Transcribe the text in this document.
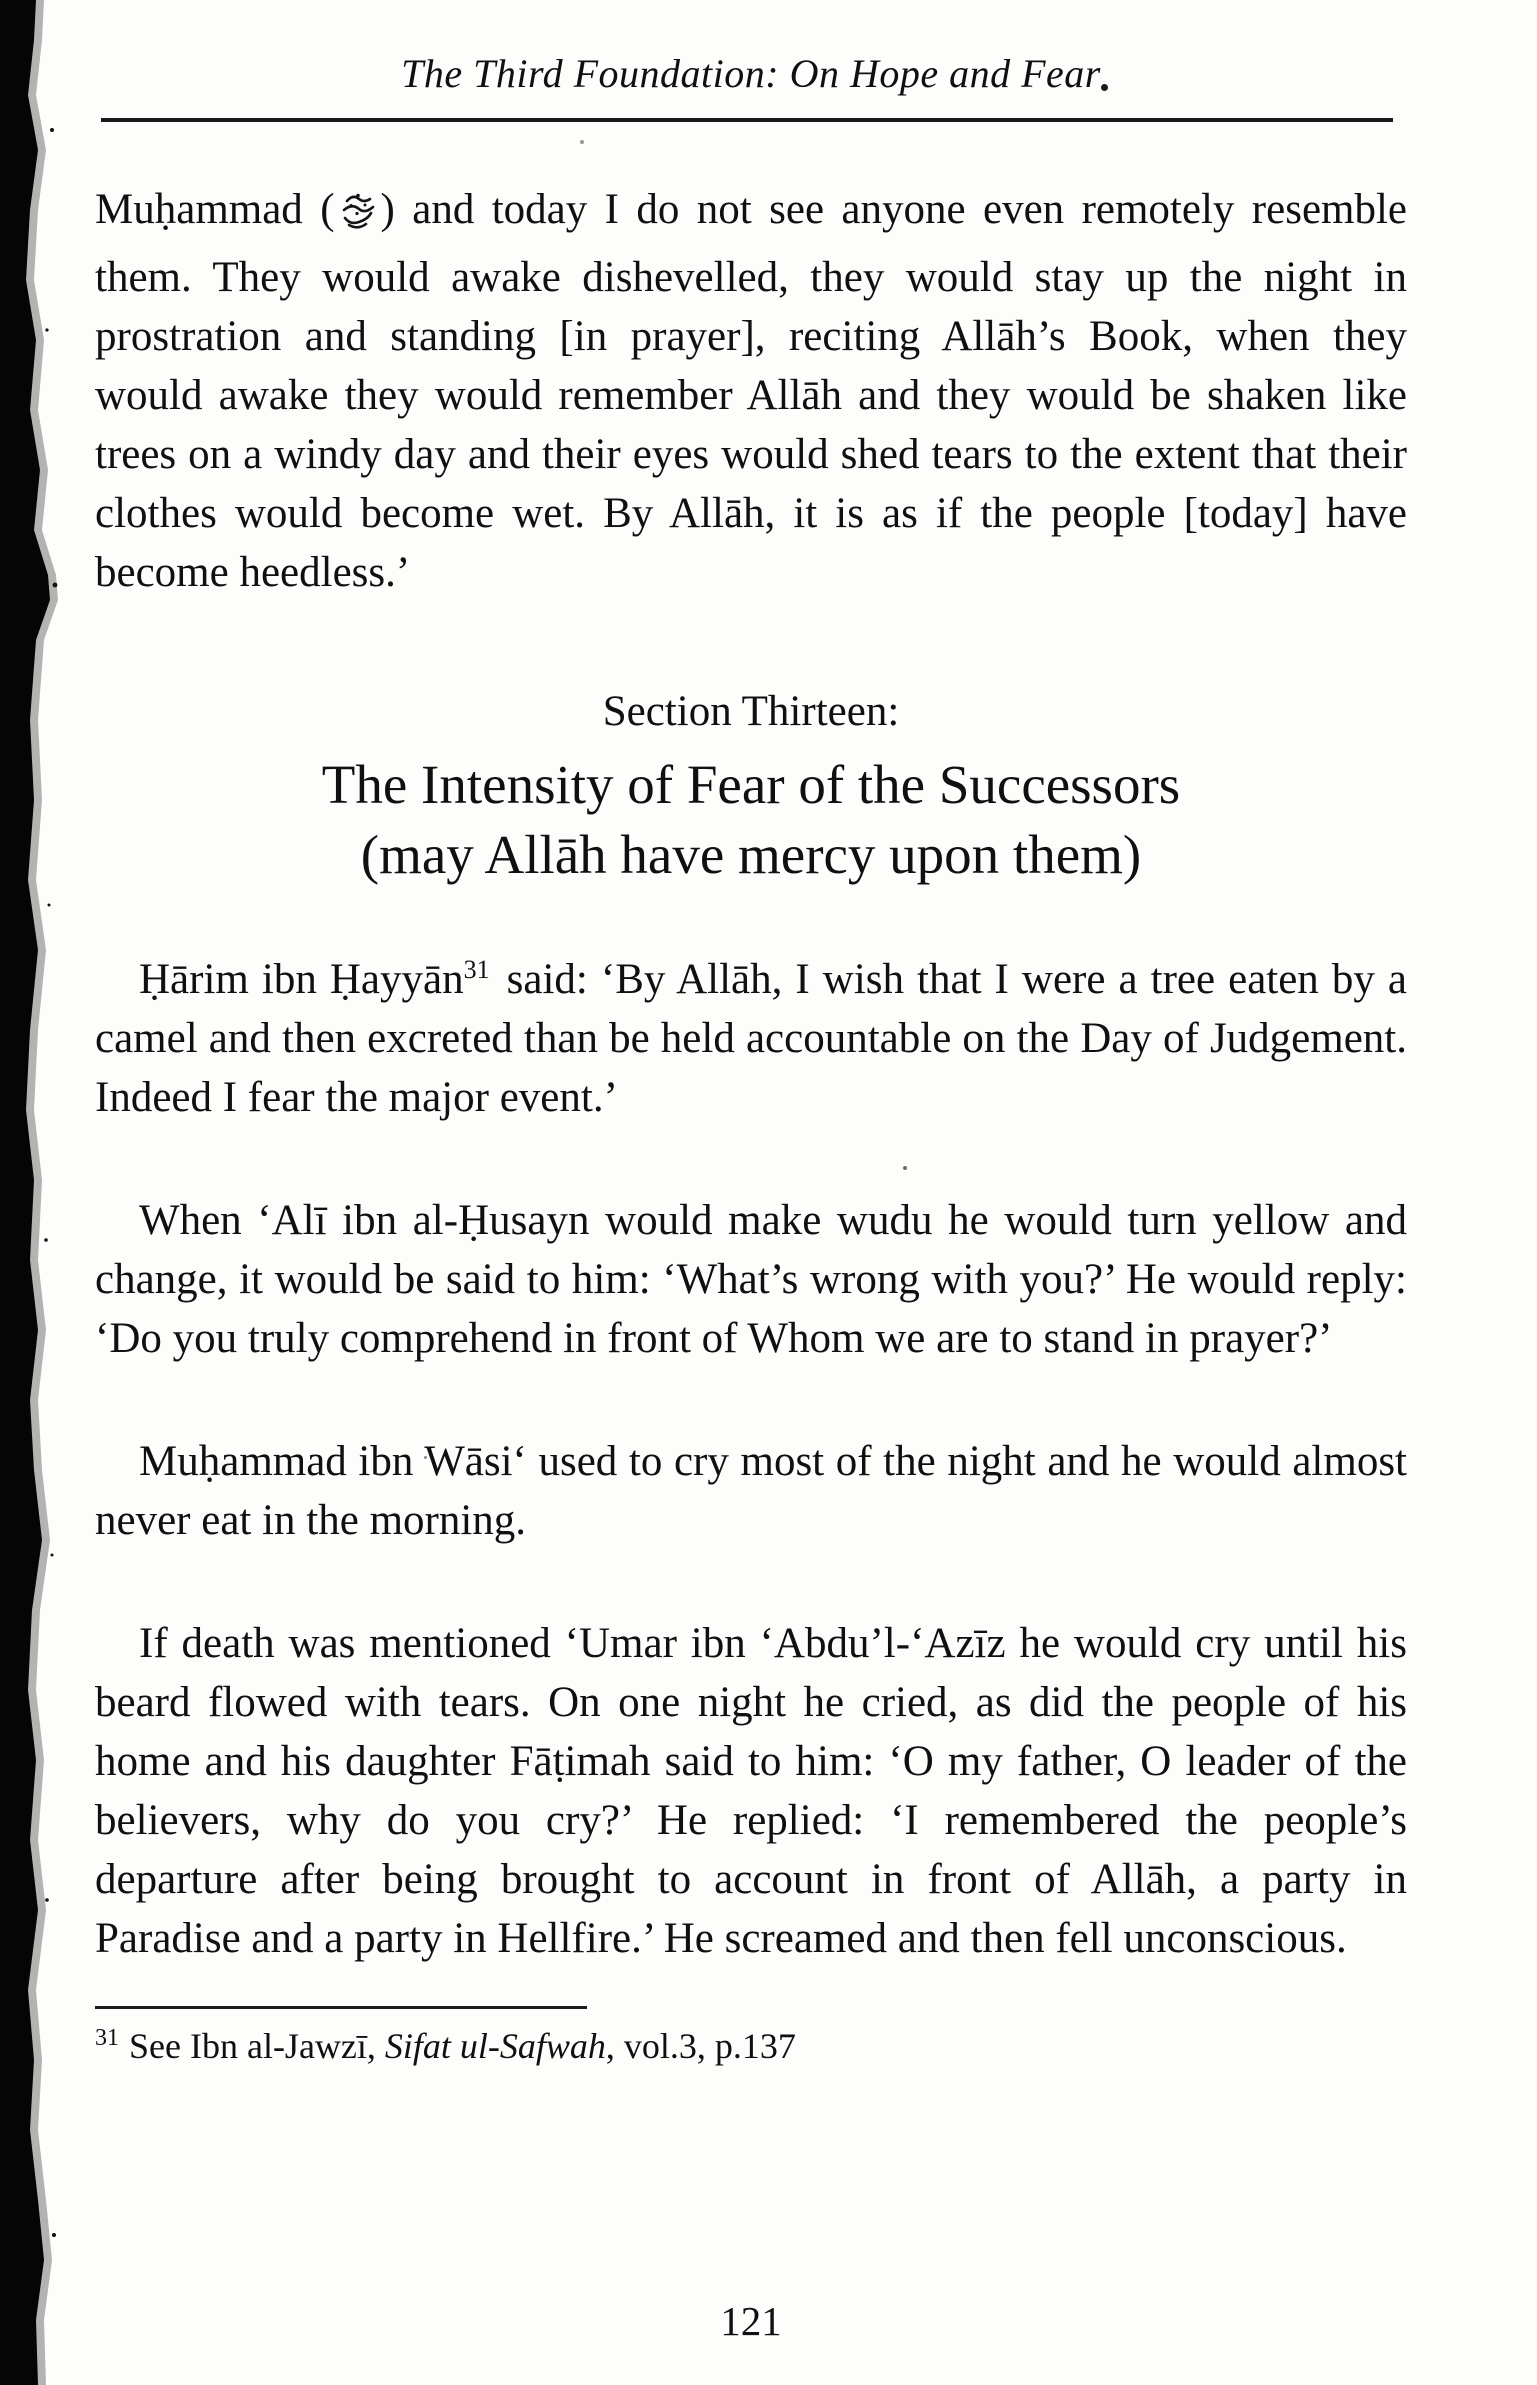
The Third Foundation: On Hope and Fear

Muḥammad ( ) and today I do not see anyone even remotely resemble them. They would awake dishevelled, they would stay up the night in prostration and standing [in prayer], reciting Allāh’s Book, when they would awake they would remember Allāh and they would be shaken like trees on a windy day and their eyes would shed tears to the extent that their clothes would become wet. By Allāh, it is as if the people [today] have become heedless.’

Section Thirteen:
The Intensity of Fear of the Successors
(may Allāh have mercy upon them)

Ḥārim ibn Ḥayyān$^{31}$ said: ‘By Allāh, I wish that I were a tree eaten by a camel and then excreted than be held accountable on the Day of Judgement. Indeed I fear the major event.’

When ‘Alī ibn al-Ḥusayn would make wudu he would turn yellow and change, it would be said to him: ‘What’s wrong with you?’ He would reply: ‘Do you truly comprehend in front of Whom we are to stand in prayer?’

Muḥammad ibn Wāsi‘ used to cry most of the night and he would almost never eat in the morning.

If death was mentioned ‘Umar ibn ‘Abdu’l-‘Azīz he would cry until his beard flowed with tears. On one night he cried, as did the people of his home and his daughter Fāṭimah said to him: ‘O my father, O leader of the believers, why do you cry?’ He replied: ‘I remembered the people’s departure after being brought to account in front of Allāh, a party in Paradise and a party in Hellfire.’ He screamed and then fell unconscious.

$^{31}$ See Ibn al-Jawzī, Sifat ul-Safwah, vol.3, p.137

121
